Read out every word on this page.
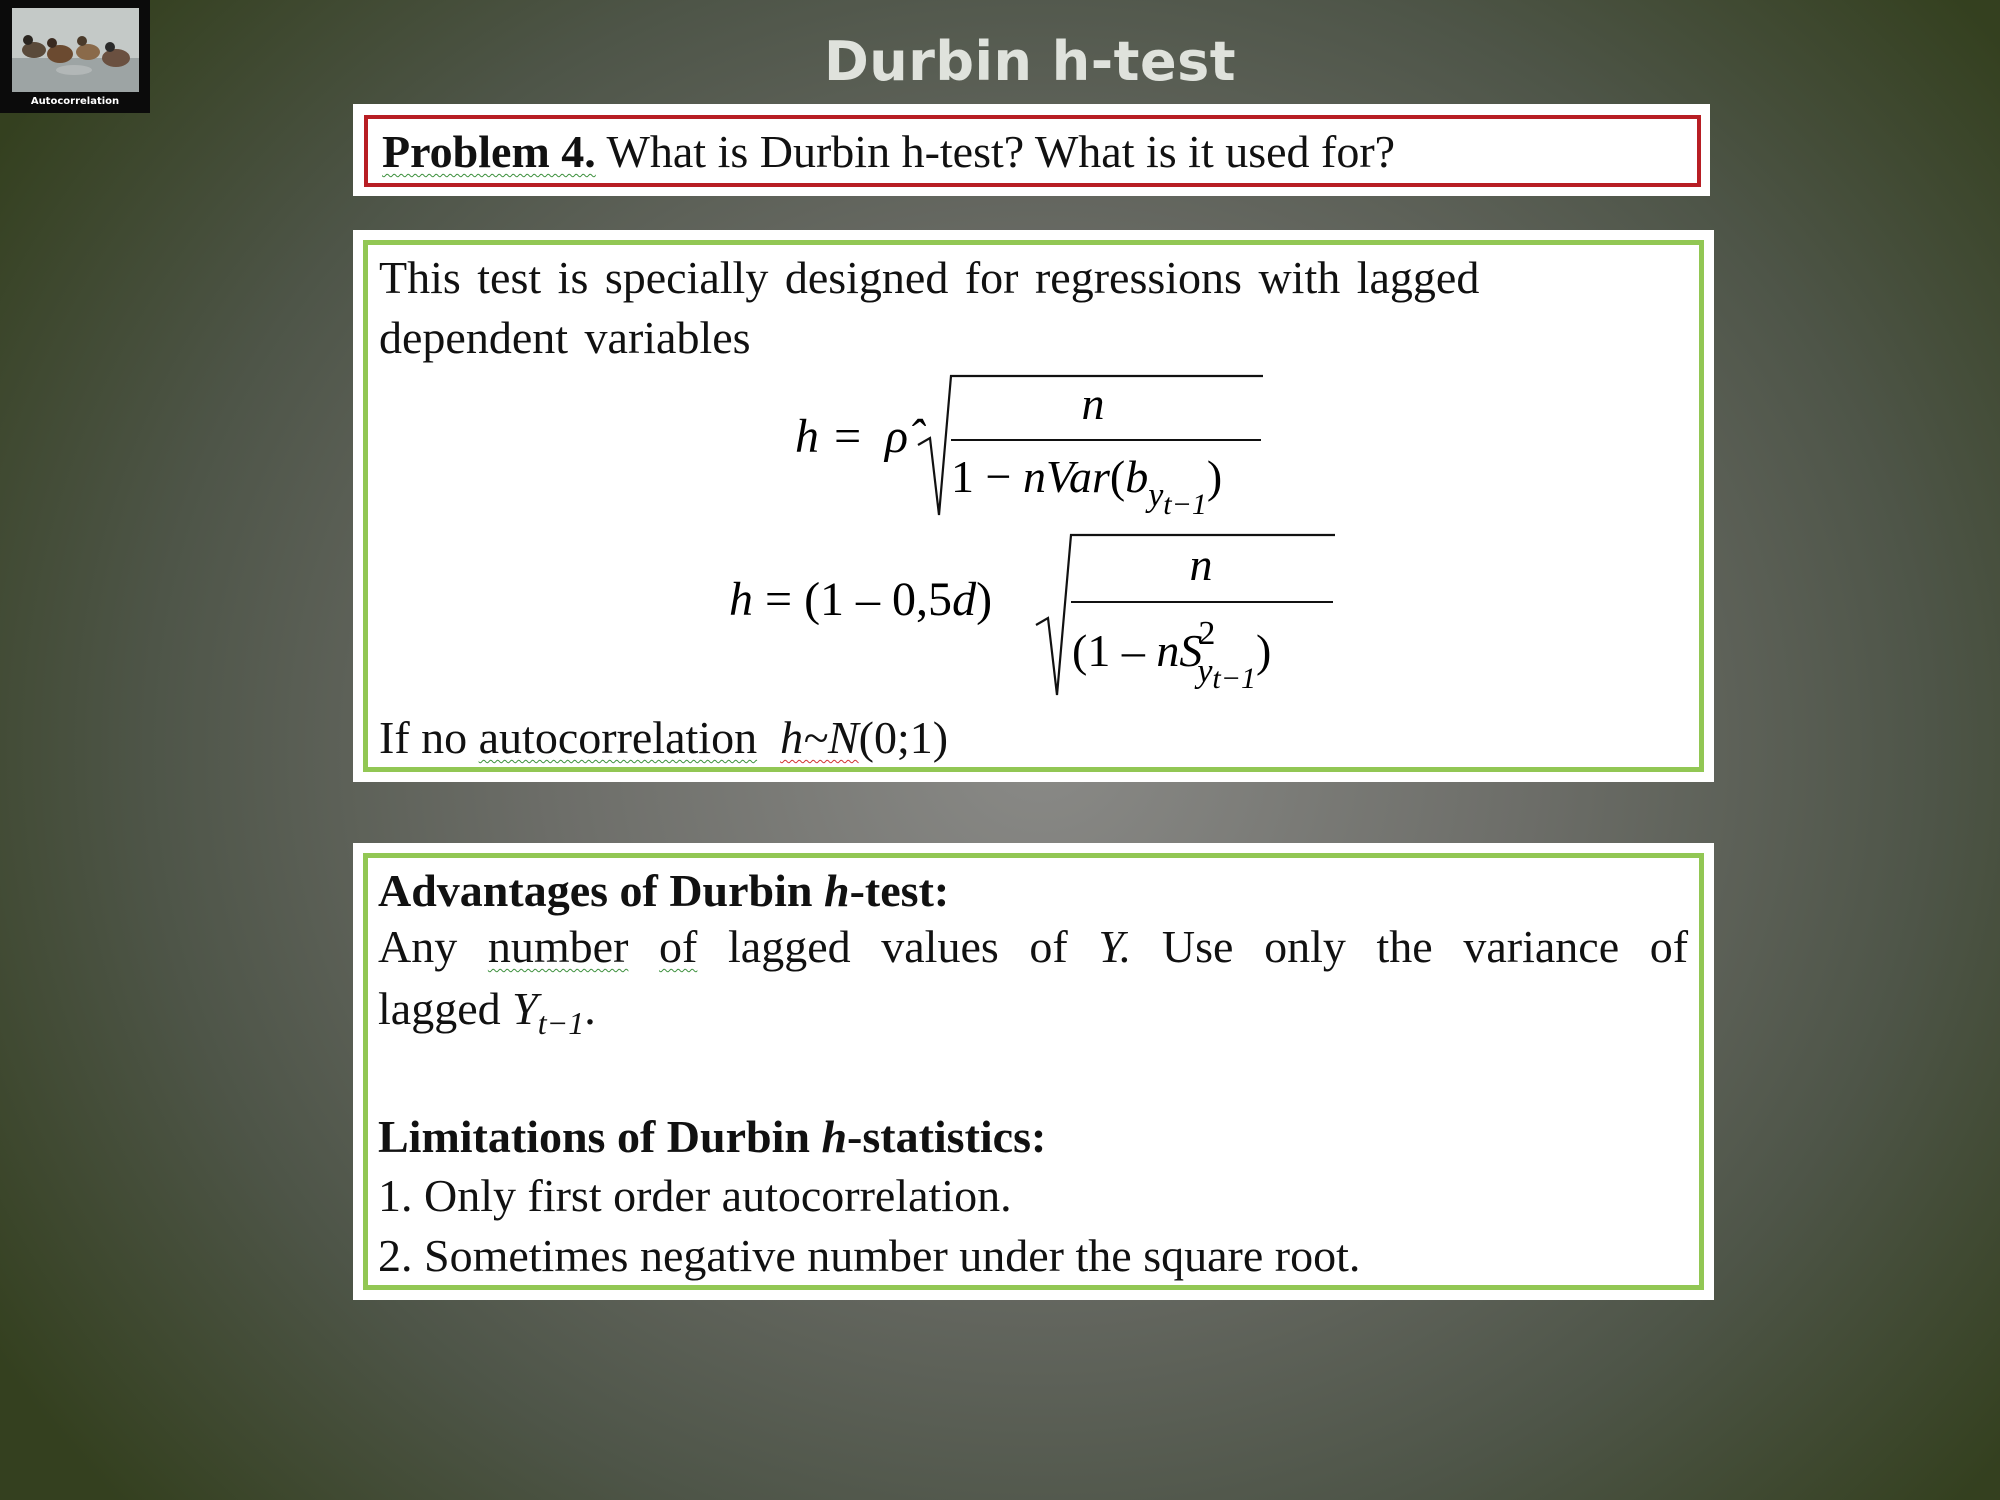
Autocorrelation
Durbin h-test
Problem 4. What is Durbin h-test? What is it used for?
This test is specially designed for regressions with lagged
dependent variables
h = ρ̂
n
$1 - nVar(b_yt-1)$
h = (1 – 0,5d)
n
(1 – nS2 yt−1)
If no autocorrelation h~N(0;1)
Advantages of Durbin h-test:
lagged $Y_{t-1}$.
Limitations of Durbin h-statistics:
1. Only first order autocorrelation.
2. Sometimes negative number under the square root.
Any number of lagged values of Y. Use only the variance of
